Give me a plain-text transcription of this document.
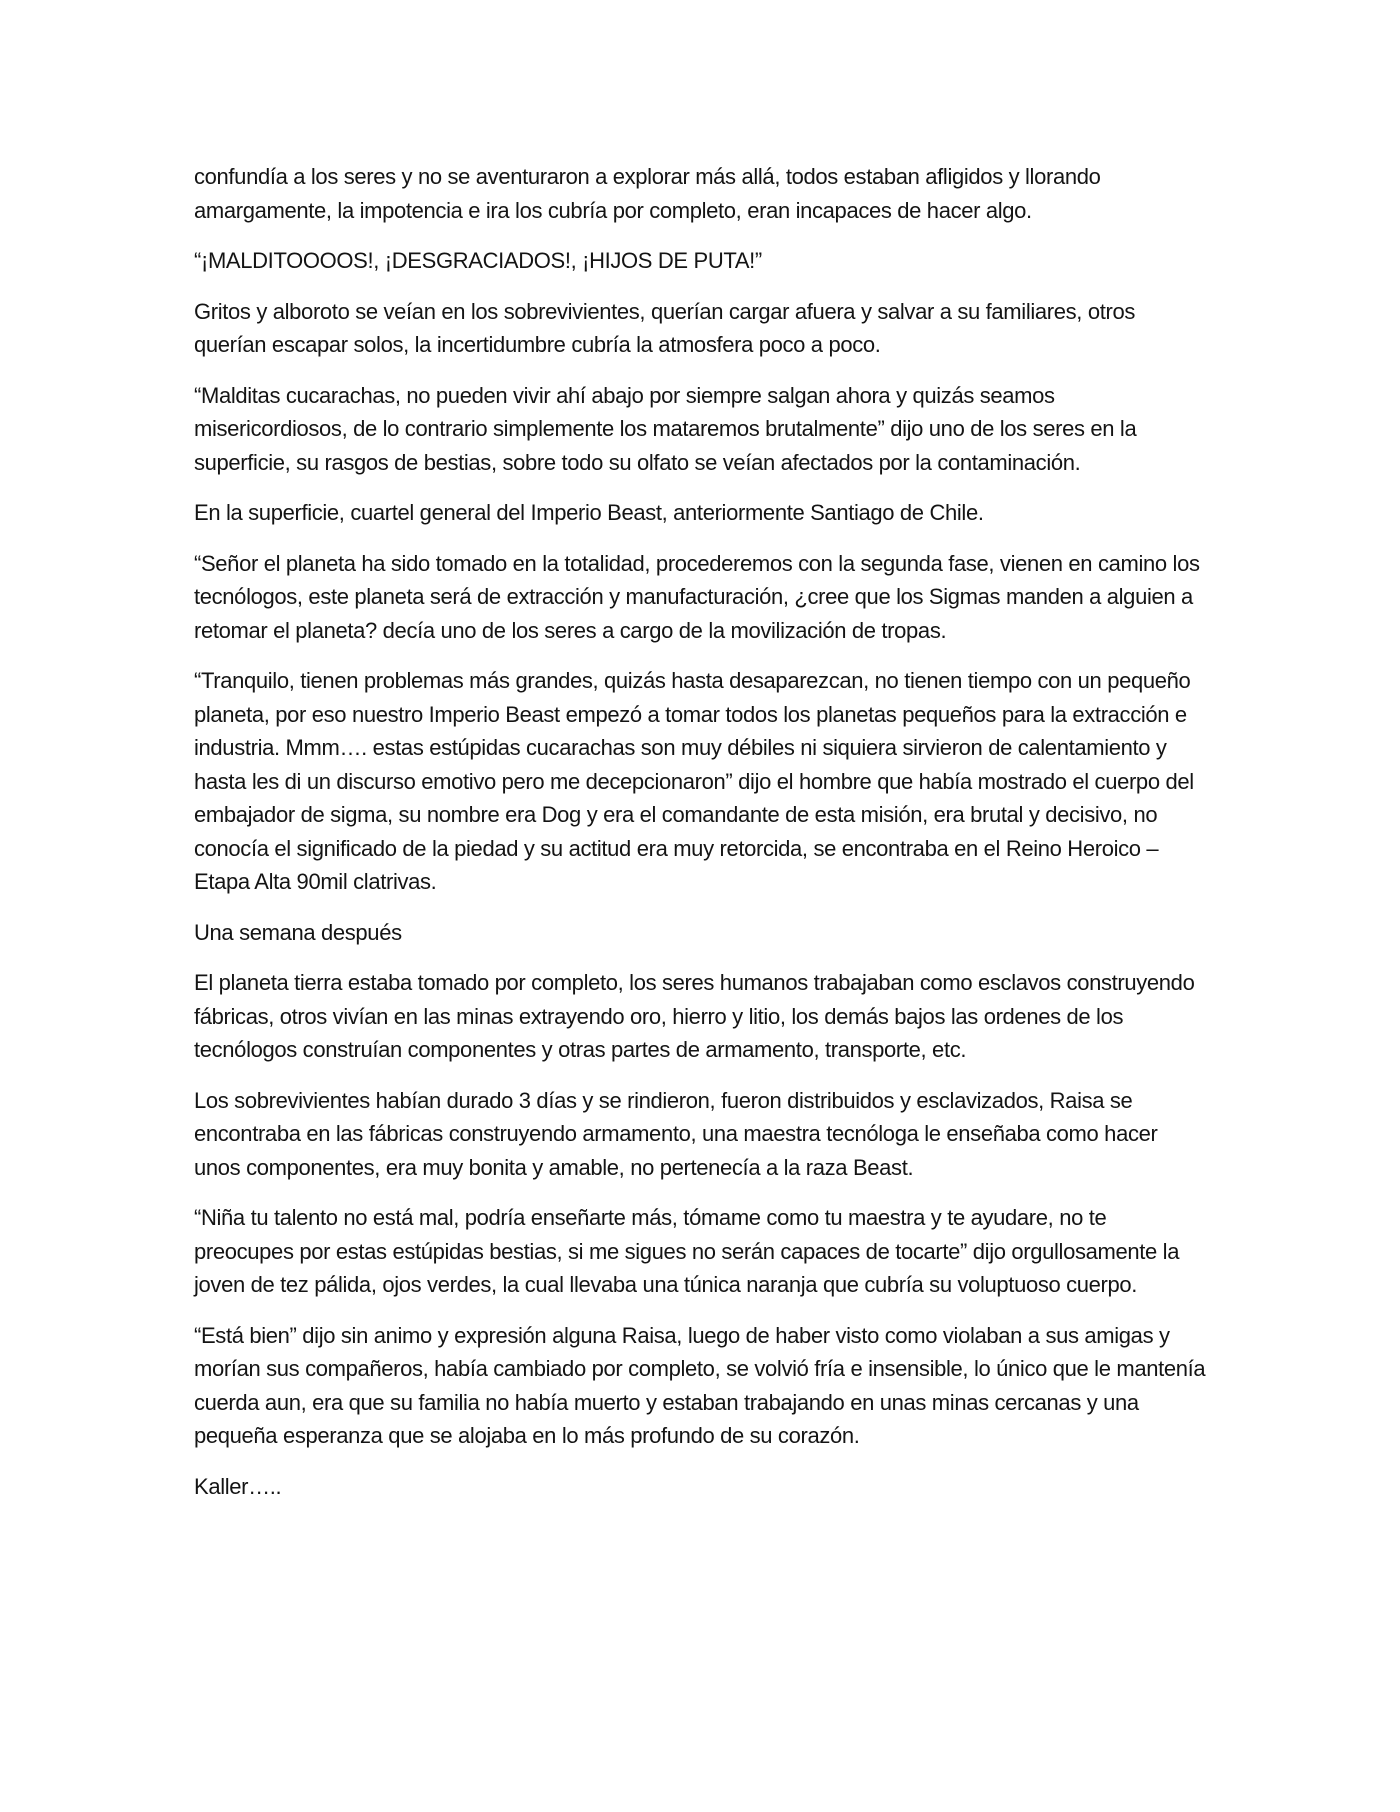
confundía a los seres y no se aventuraron a explorar más allá, todos estaban afligidos y llorando amargamente, la impotencia e ira los cubría por completo, eran incapaces de hacer algo.

“¡MALDITOOOOS!, ¡DESGRACIADOS!, ¡HIJOS DE PUTA!”

Gritos y alboroto se veían en los sobrevivientes, querían cargar afuera y salvar a su familiares, otros querían escapar solos, la incertidumbre cubría la atmosfera poco a poco.

“Malditas cucarachas, no pueden vivir ahí abajo por siempre salgan ahora y quizás seamos misericordiosos, de lo contrario simplemente los mataremos brutalmente” dijo uno de los seres en la superficie, su rasgos de bestias, sobre todo su olfato se veían afectados por la contaminación.

En la superficie, cuartel general del Imperio Beast, anteriormente Santiago de Chile.

“Señor el planeta ha sido tomado en la totalidad, procederemos con la segunda fase, vienen en camino los tecnólogos, este planeta será de extracción y manufacturación, ¿cree que los Sigmas manden a alguien a retomar el planeta? decía uno de los seres a cargo de la movilización de tropas.

“Tranquilo, tienen problemas más grandes, quizás hasta desaparezcan, no tienen tiempo con un pequeño planeta, por eso nuestro Imperio Beast empezó a tomar todos los planetas pequeños para la extracción e industria. Mmm…. estas estúpidas cucarachas son muy débiles ni siquiera sirvieron de calentamiento y hasta les di un discurso emotivo pero me decepcionaron” dijo el hombre que había mostrado el cuerpo del embajador de sigma, su nombre era Dog y era el comandante de esta misión, era brutal y decisivo, no conocía el significado de la piedad y su actitud era muy retorcida, se encontraba en el Reino Heroico – Etapa Alta 90mil clatrivas.

Una semana después

El planeta tierra estaba tomado por completo, los seres humanos trabajaban como esclavos construyendo fábricas, otros vivían en las minas extrayendo oro, hierro y litio, los demás bajos las ordenes de los tecnólogos construían componentes y otras partes de armamento, transporte, etc.

Los sobrevivientes habían durado 3 días y se rindieron, fueron distribuidos y esclavizados, Raisa se encontraba en las fábricas construyendo armamento, una maestra tecnóloga le enseñaba como hacer unos componentes, era muy bonita y amable, no pertenecía a la raza Beast.

“Niña tu talento no está mal, podría enseñarte más, tómame como tu maestra y te ayudare, no te preocupes por estas estúpidas bestias, si me sigues no serán capaces de tocarte” dijo orgullosamente la joven de tez pálida, ojos verdes, la cual llevaba una túnica naranja que cubría su voluptuoso cuerpo.

“Está bien” dijo sin animo y expresión alguna Raisa, luego de haber visto como violaban a sus amigas y morían sus compañeros, había cambiado por completo, se volvió fría e insensible, lo único que le mantenía cuerda aun, era que su familia no había muerto y estaban trabajando en unas minas cercanas y una pequeña esperanza que se alojaba en lo más profundo de su corazón.

Kaller…..
